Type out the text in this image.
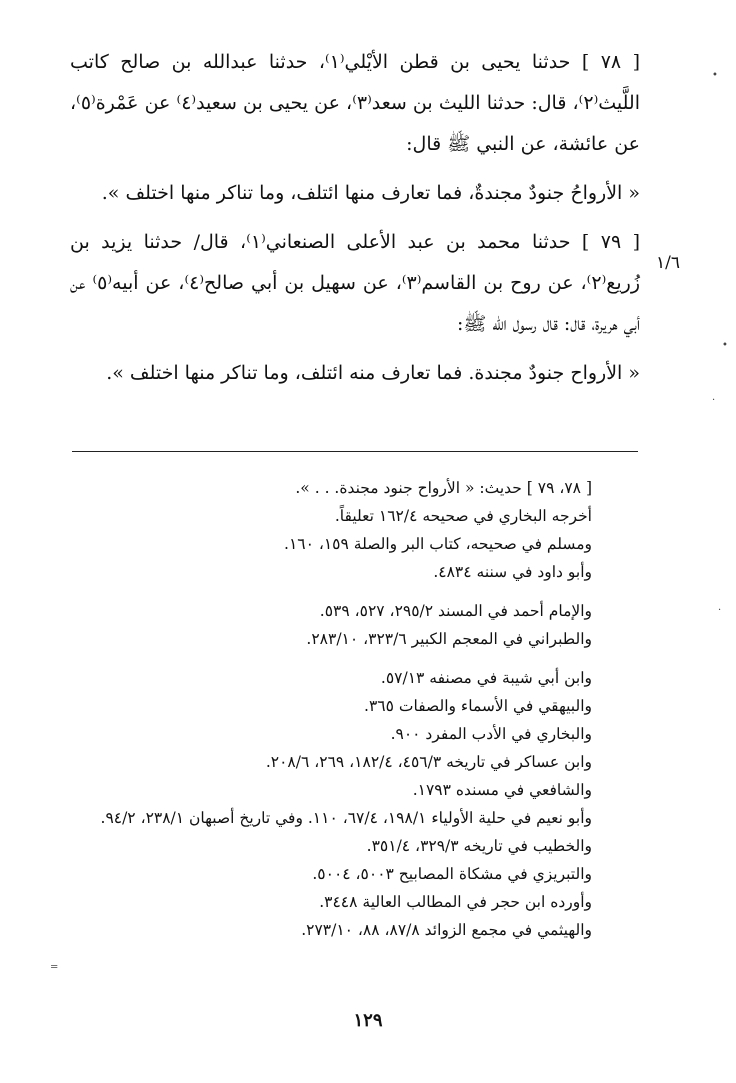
[ ٧٨ ] حدثنا يحيى بن قطن الأيْلي⁽١⁾، حدثنا عبدالله بن صالح كاتب اللَّيث⁽٢⁾، قال: حدثنا الليث بن سعد⁽٣⁾، عن يحيى بن سعيد⁽٤⁾ عن عَمْرة⁽٥⁾، عن عائشة، عن النبي ﷺ قال:

« الأرواحُ جنودٌ مجندةٌ، فما تعارف منها ائتلف، وما تناكر منها اختلف ».

[ ٧٩ ] حدثنا محمد بن عبد الأعلى الصنعاني⁽١⁾، قال/ حدثنا يزيد بن زُريع⁽٢⁾، عن روح بن القاسم⁽٣⁾، عن سهيل بن أبي صالح⁽٤⁾، عن أبيه⁽٥⁾ عن أبي هريرة، قال: قال رسول الله ﷺ:

« الأرواح جنودٌ مجندة. فما تعارف منه ائتلف، وما تناكر منها اختلف ».

١/٦

[ ٧٨، ٧٩ ] حديث: « الأرواح جنود مجندة. . . ».

أخرجه البخاري في صحيحه ١٦٢/٤ تعليقاً.

ومسلم في صحيحه، كتاب البر والصلة ١٥٩، ١٦٠.

وأبو داود في سننه ٤٨٣٤.

والإمام أحمد في المسند ٢٩٥/٢، ٥٢٧، ٥٣٩.

والطبراني في المعجم الكبير ٣٢٣/٦، ٢٨٣/١٠.

وابن أبي شيبة في مصنفه ٥٧/١٣.

والبيهقي في الأسماء والصفات ٣٦٥.

والبخاري في الأدب المفرد ٩٠٠.

وابن عساكر في تاريخه ٤٥٦/٣، ١٨٢/٤، ٢٦٩، ٢٠٨/٦.

والشافعي في مسنده ١٧٩٣.

وأبو نعيم في حلية الأولياء ١٩٨/١، ٦٧/٤، ١١٠. وفي تاريخ أصبهان ٢٣٨/١، ٩٤/٢.

والخطيب في تاريخه ٣٢٩/٣، ٣٥١/٤.

والتبريزي في مشكاة المصابيح ٥٠٠٣، ٥٠٠٤.

وأورده ابن حجر في المطالب العالية ٣٤٤٨.

والهيثمي في مجمع الزوائد ٨٧/٨، ٨٨، ٢٧٣/١٠.

١٢٩
•
•
·
·
=
